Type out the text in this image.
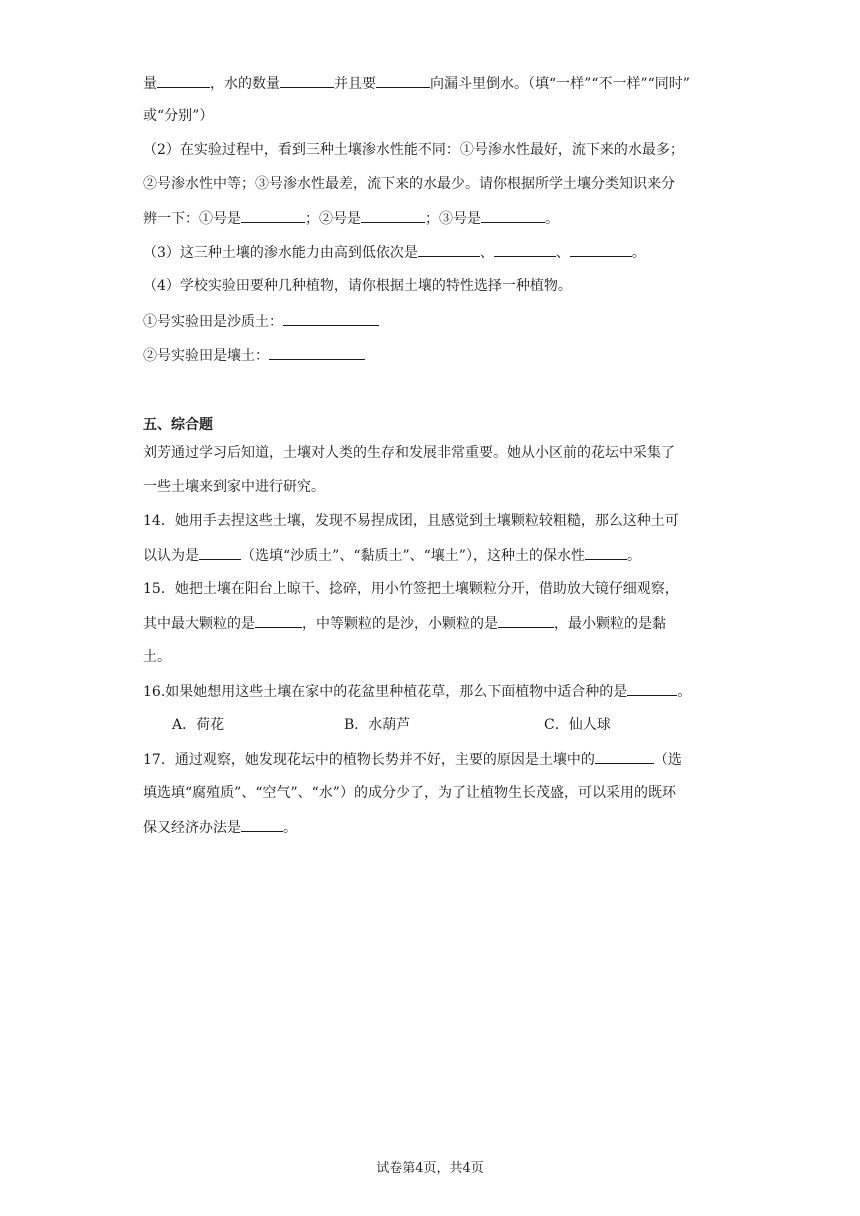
量	，水的数量	并且要	向漏斗里倒水。（填“一样”“不一样”“同时”
或“分别”）
（2）在实验过程中，看到三种土壤渗水性能不同：①号渗水性最好，流下来的水最多；
②号渗水性中等；③号渗水性最差，流下来的水最少。请你根据所学土壤分类知识来分
辨一下：①号是	；②号是	；③号是	。
（3）这三种土壤的渗水能力由高到低依次是	、	、	。
（4）学校实验田要种几种植物，请你根据土壤的特性选择一种植物。
①号实验田是沙质土：
②号实验田是壤土：
五、综合题
刘芳通过学习后知道，土壤对人类的生存和发展非常重要。她从小区前的花坛中采集了
一些土壤来到家中进行研究。
14．她用手去捏这些土壤，发现不易捏成团，且感觉到土壤颗粒较粗糙，那么这种土可
以认为是	（选填“沙质土”、“黏质土”、“壤土”），这种土的保水性	。
15．她把土壤在阳台上晾干、捻碎，用小竹签把土壤颗粒分开，借助放大镜仔细观察，
其中最大颗粒的是	，中等颗粒的是沙，小颗粒的是	，最小颗粒的是黏
土。
16.如果她想用这些土壤在家中的花盆里种植花草，那么下面植物中适合种的是	。
A．荷花	B．水葫芦	C．仙人球
17．通过观察，她发现花坛中的植物长势并不好，主要的原因是土壤中的	（选
填选填“腐殖质”、“空气”、“水”）的成分少了，为了让植物生长茂盛，可以采用的既环
保又经济办法是	。
试卷第4页，共4页
